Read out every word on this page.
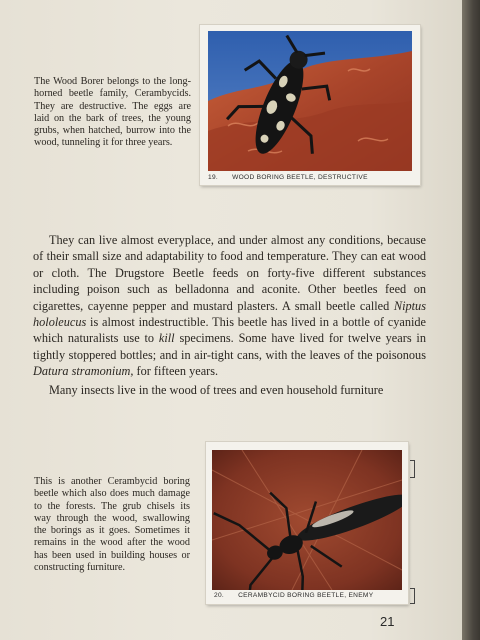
The Wood Borer belongs to the long-horned beetle family, Cerambycids. They are destructive. The eggs are laid on the bark of trees, the young grubs, when hatched, burrow into the wood, tunneling it for three years.
19. WOOD BORING BEETLE, DESTRUCTIVE

They can live almost everyplace, and under almost any conditions, because of their small size and adaptability to food and temperature. They can eat wood or cloth. The Drugstore Beetle feeds on forty-five different substances including poison such as belladonna and aconite. Other beetles feed on cigarettes, cayenne pepper and mustard plasters. A small beetle called Niptus hololeucus is almost indestructible. This beetle has lived in a bottle of cyanide which naturalists use to kill specimens. Some have lived for twelve years in tightly stoppered bottles; and in air-tight cans, with the leaves of the poisonous Datura stramonium, for fifteen years.

Many insects live in the wood of trees and even household furniture

This is another Cerambycid boring beetle which also does much damage to the forests. The grub chisels its way through the wood, swallowing the borings as it goes. Sometimes it remains in the wood after the wood has been used in building houses or constructing furniture.
20. CERAMBYCID BORING BEETLE, ENEMY
21
